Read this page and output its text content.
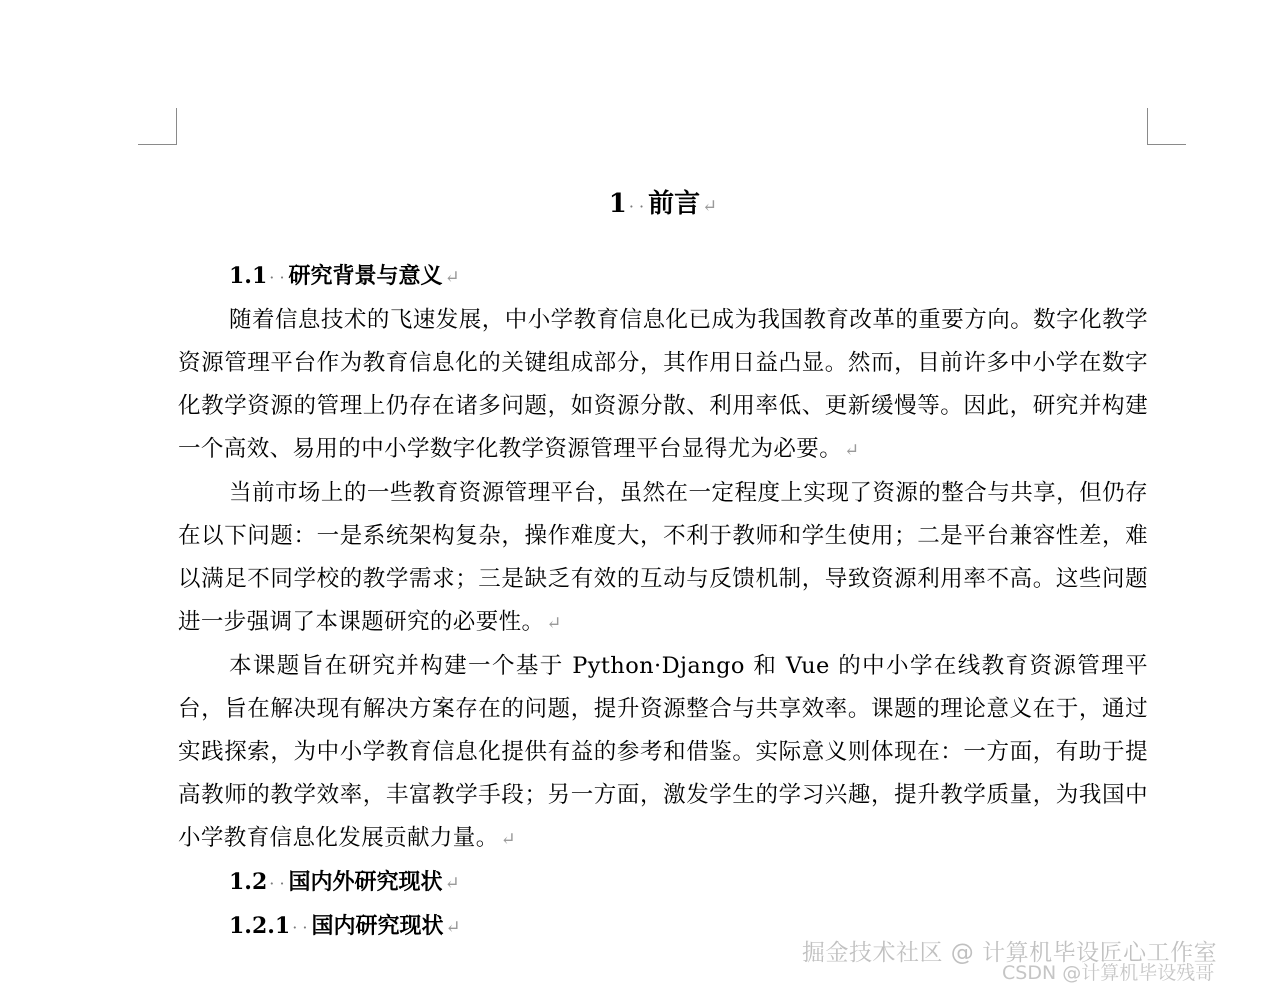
1 · · 前言 ↵
1.1 · · 研究背景与意义 ↵

随着信息技术的飞速发展，中小学教育信息化已成为我国教育改革的重要方向。数字化教学资源管理平台作为教育信息化的关键组成部分，其作用日益凸显。然而，目前许多中小学在数字化教学资源的管理上仍存在诸多问题，如资源分散、利用率低、更新缓慢等。因此，研究并构建一个高效、易用的中小学数字化教学资源管理平台显得尤为必要。 ↵

当前市场上的一些教育资源管理平台，虽然在一定程度上实现了资源的整合与共享，但仍存在以下问题：一是系统架构复杂，操作难度大，不利于教师和学生使用；二是平台兼容性差，难以满足不同学校的教学需求；三是缺乏有效的互动与反馈机制，导致资源利用率不高。这些问题进一步强调了本课题研究的必要性。 ↵

本课题旨在研究并构建一个基于 Python·Django 和 Vue 的中小学在线教育资源管理平台，旨在解决现有解决方案存在的问题，提升资源整合与共享效率。课题的理论意义在于，通过实践探索，为中小学教育信息化提供有益的参考和借鉴。实际意义则体现在：一方面，有助于提高教师的教学效率，丰富教学手段；另一方面，激发学生的学习兴趣，提升教学质量，为我国中小学教育信息化发展贡献力量。 ↵

1.2 · · 国内外研究现状 ↵
1.2.1 · · 国内研究现状 ↵
掘金技术社区 @ 计算机毕设匠心工作室
CSDN @计算机毕设残哥
